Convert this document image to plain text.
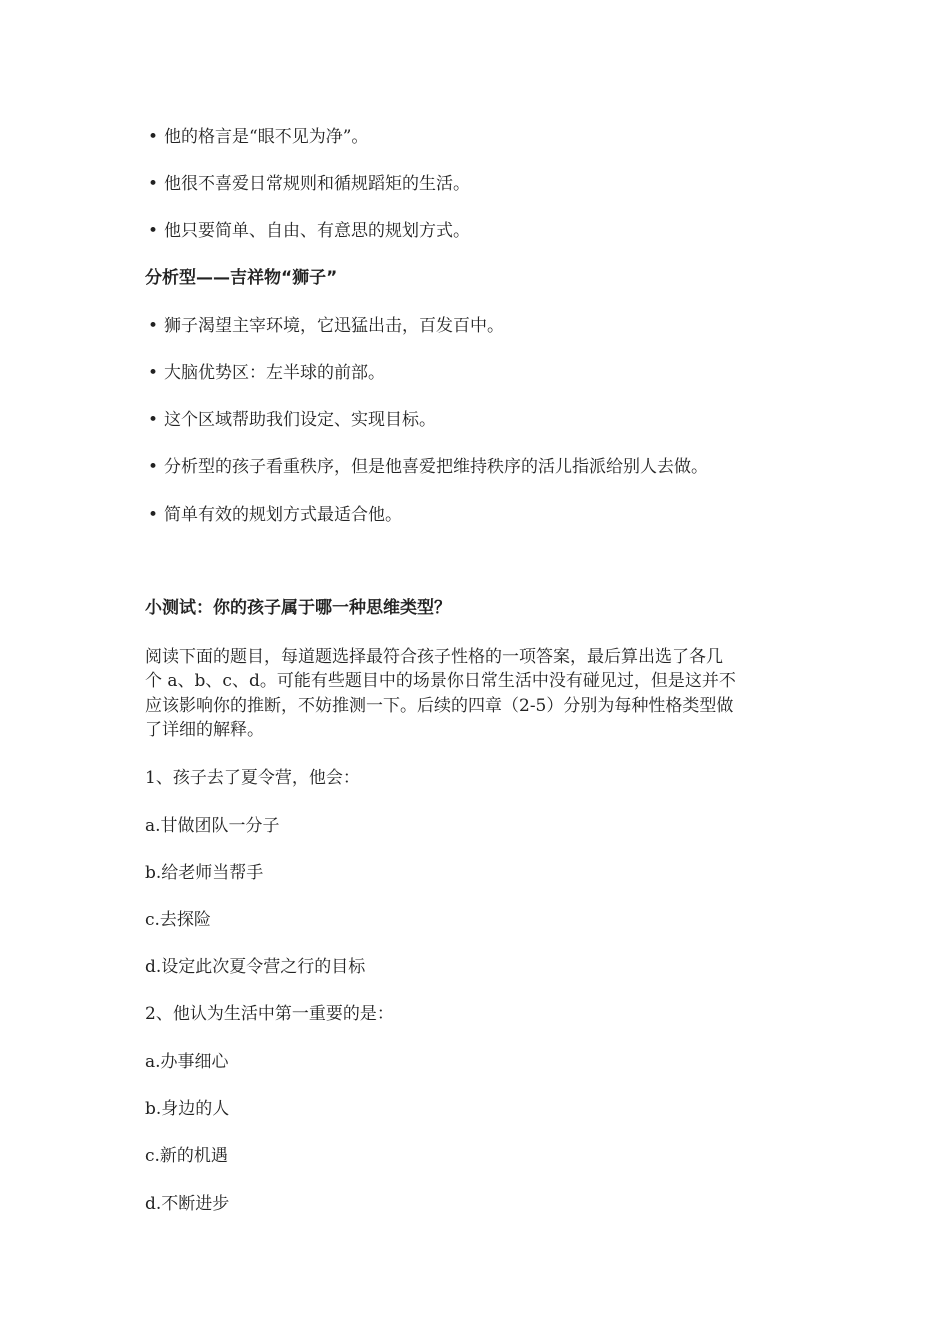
• 他的格言是“眼不见为净”。
• 他很不喜爱日常规则和循规蹈矩的生活。
• 他只要简单、自由、有意思的规划方式。
分析型——吉祥物“狮子”
• 狮子渴望主宰环境，它迅猛出击，百发百中。
• 大脑优势区：左半球的前部。
• 这个区域帮助我们设定、实现目标。
• 分析型的孩子看重秩序，但是他喜爱把维持秩序的活儿指派给别人去做。
• 简单有效的规划方式最适合他。
小测试：你的孩子属于哪一种思维类型？
阅读下面的题目，每道题选择最符合孩子性格的一项答案，最后算出选了各几
个 a、b、c、d。可能有些题目中的场景你日常生活中没有碰见过，但是这并不
应该影响你的推断，不妨推测一下。后续的四章（2-5）分别为每种性格类型做
了详细的解释。
1、孩子去了夏令营，他会：
a.甘做团队一分子
b.给老师当帮手
c.去探险
d.设定此次夏令营之行的目标
2、他认为生活中第一重要的是：
a.办事细心
b.身边的人
c.新的机遇
d.不断进步
